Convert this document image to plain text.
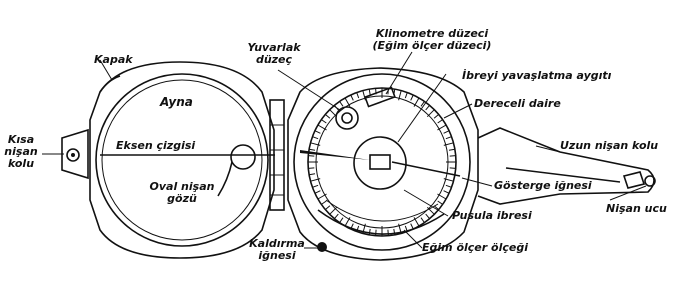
Kapak
Ayna
Kısa
nişan
kolu
Eksen çizgisi
Oval nişan
gözü
Yuvarlak
düzeç
Klinometre düzeci
(Eğim ölçer düzeci)
İbreyi yavaşlatma aygıtı
Dereceli daire
Uzun nişan kolu
Gösterge iğnesi
Nişan ucu
Pusula ibresi
Kaldırma
iğnesi
Eğim ölçer ölçeği
